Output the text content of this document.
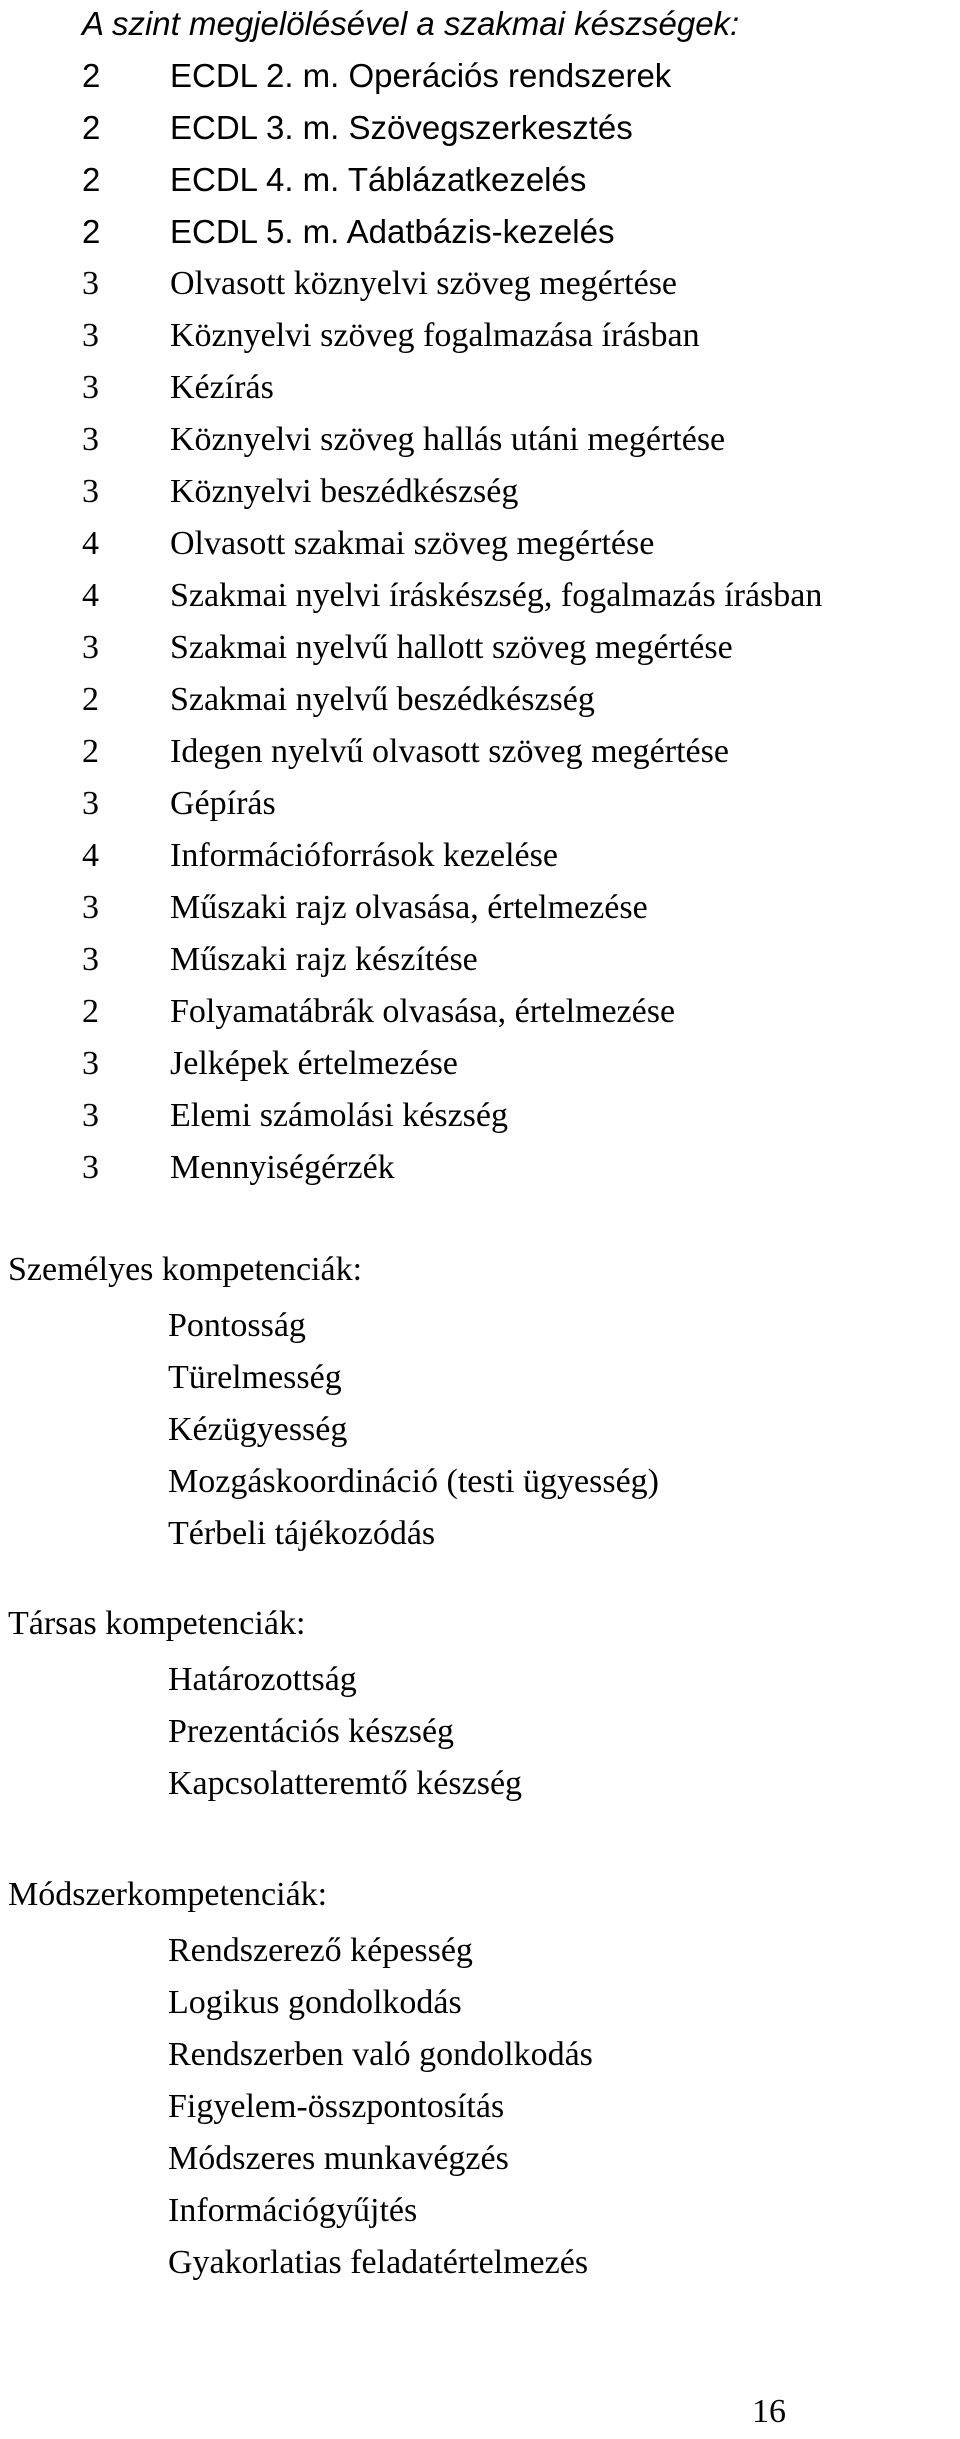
A szint megjelölésével a szakmai készségek:
2	ECDL 2. m. Operációs rendszerek
2	ECDL 3. m. Szövegszerkesztés
2	ECDL 4. m. Táblázatkezelés
2	ECDL 5. m. Adatbázis-kezelés
3	Olvasott köznyelvi szöveg megértése
3	Köznyelvi szöveg fogalmazása írásban
3	Kézírás
3	Köznyelvi szöveg hallás utáni megértése
3	Köznyelvi beszédkészség
4	Olvasott szakmai szöveg megértése
4	Szakmai nyelvi íráskészség, fogalmazás írásban
3	Szakmai nyelvű hallott szöveg megértése
2	Szakmai nyelvű beszédkészség
2	Idegen nyelvű olvasott szöveg megértése
3	Gépírás
4	Információforrások kezelése
3	Műszaki rajz olvasása, értelmezése
3	Műszaki rajz készítése
2	Folyamatábrák olvasása, értelmezése
3	Jelképek értelmezése
3	Elemi számolási készség
3	Mennyiségérzék
Személyes kompetenciák:
Pontosság
Türelmesség
Kézügyesség
Mozgáskoordináció (testi ügyesség)
Térbeli tájékozódás
Társas kompetenciák:
Határozottság
Prezentációs készség
Kapcsolatteremtő készség
Módszerkompetenciák:
Rendszerező képesség
Logikus gondolkodás
Rendszerben való gondolkodás
Figyelem-összpontosítás
Módszeres munkavégzés
Információgyűjtés
Gyakorlatias feladatértelmezés
16
